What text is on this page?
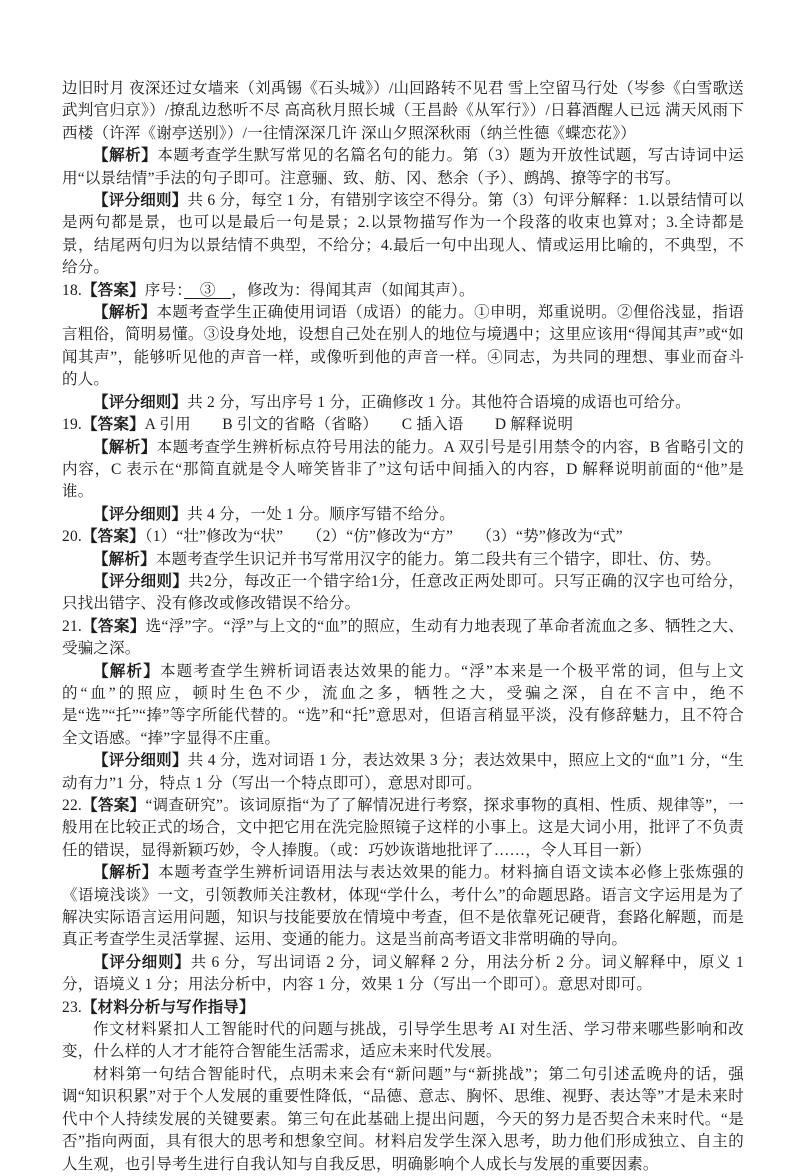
边旧时月 夜深还过女墙来（刘禹锡《石头城》）/山回路转不见君 雪上空留马行处（岑参《白雪歌送武判官归京》）/撩乱边愁听不尽 高高秋月照长城（王昌龄《从军行》）/日暮酒醒人已远 满天风雨下西楼（许浑《谢亭送别》）/一往情深深几许 深山夕照深秋雨（纳兰性德《蝶恋花》）

【解析】本题考查学生默写常见的名篇名句的能力。第（3）题为开放性试题，写古诗词中运用“以景结情”手法的句子即可。注意骊、致、舫、冈、愁余（予）、鹧鸪、撩等字的书写。

【评分细则】共 6 分，每空 1 分，有错别字该空不得分。第（3）句评分解释：1.以景结情可以是两句都是景，也可以是最后一句是景；2.以景物描写作为一个段落的收束也算对；3.全诗都是景，结尾两句归为以景结情不典型，不给分；4.最后一句中出现人、情或运用比喻的，不典型，不给分。

18.【答案】序号：　③　，修改为：得闻其声（如闻其声）。

【解析】本题考查学生正确使用词语（成语）的能力。①申明，郑重说明。②俚俗浅显，指语言粗俗，简明易懂。③设身处地，设想自己处在别人的地位与境遇中；这里应该用“得闻其声”或“如闻其声”，能够听见他的声音一样，或像听到他的声音一样。④同志，为共同的理想、事业而奋斗的人。

【评分细则】共 2 分，写出序号 1 分，正确修改 1 分。其他符合语境的成语也可给分。

19.【答案】A 引用　　B 引文的省略（省略）　　C 插入语　　D 解释说明

【解析】本题考查学生辨析标点符号用法的能力。A 双引号是引用禁令的内容，B 省略引文的内容，C 表示在“那简直就是令人啼笑皆非了”这句话中间插入的内容，D 解释说明前面的“他”是谁。

【评分细则】共 4 分，一处 1 分。顺序写错不给分。

20.【答案】（1）“壮”修改为“状”　　（2）“仿”修改为“方”　　（3）“势”修改为“式”

【解析】本题考查学生识记并书写常用汉字的能力。第二段共有三个错字，即壮、仿、势。

【评分细则】共2分，每改正一个错字给1分，任意改正两处即可。只写正确的汉字也可给分，只找出错字、没有修改或修改错误不给分。

21.【答案】选“浮”字。“浮”与上文的“血”的照应，生动有力地表现了革命者流血之多、牺牲之大、受骗之深。

【解析】本题考查学生辨析词语表达效果的能力。“浮”本来是一个极平常的词，但与上文的“血”的照应，顿时生色不少，流血之多，牺牲之大，受骗之深，自在不言中，绝不是“选”“托”“捧”等字所能代替的。“选”和“托”意思对，但语言稍显平淡，没有修辞魅力，且不符合全文语感。“捧”字显得不庄重。

【评分细则】共 4 分，选对词语 1 分，表达效果 3 分；表达效果中，照应上文的“血”1 分，“生动有力”1 分，特点 1 分（写出一个特点即可），意思对即可。

22.【答案】“调查研究”。该词原指“为了了解情况进行考察，探求事物的真相、性质、规律等”，一般用在比较正式的场合，文中把它用在洗完脸照镜子这样的小事上。这是大词小用，批评了不负责任的错误，显得新颖巧妙，令人捧腹。（或：巧妙诙谐地批评了……，令人耳目一新）

【解析】本题考查学生辨析词语用法与表达效果的能力。材料摘自语文读本必修上张炼强的《语境浅谈》一文，引领教师关注教材，体现“学什么，考什么”的命题思路。语言文字运用是为了解决实际语言运用问题，知识与技能要放在情境中考查，但不是依靠死记硬背，套路化解题，而是真正考查学生灵活掌握、运用、变通的能力。这是当前高考语文非常明确的导向。

【评分细则】共 6 分，写出词语 2 分，词义解释 2 分，用法分析 2 分。词义解释中，原义 1 分，语境义 1 分；用法分析中，内容 1 分，效果 1 分（写出一个即可）。意思对即可。

23.【材料分析与写作指导】

作文材料紧扣人工智能时代的问题与挑战，引导学生思考 AI 对生活、学习带来哪些影响和改变，什么样的人才才能符合智能生活需求，适应未来时代发展。

材料第一句结合智能时代，点明未来会有“新问题”与“新挑战”；第二句引述孟晚舟的话，强调“知识积累”对于个人发展的重要性降低，“品德、意志、胸怀、思维、视野、表达等”才是未来时代中个人持续发展的关键要素。第三句在此基础上提出问题，今天的努力是否契合未来时代。“是否”指向两面，具有很大的思考和想象空间。材料启发学生深入思考，助力他们形成独立、自主的人生观，也引导考生进行自我认知与自我反思，明确影响个人成长与发展的重要因素。
